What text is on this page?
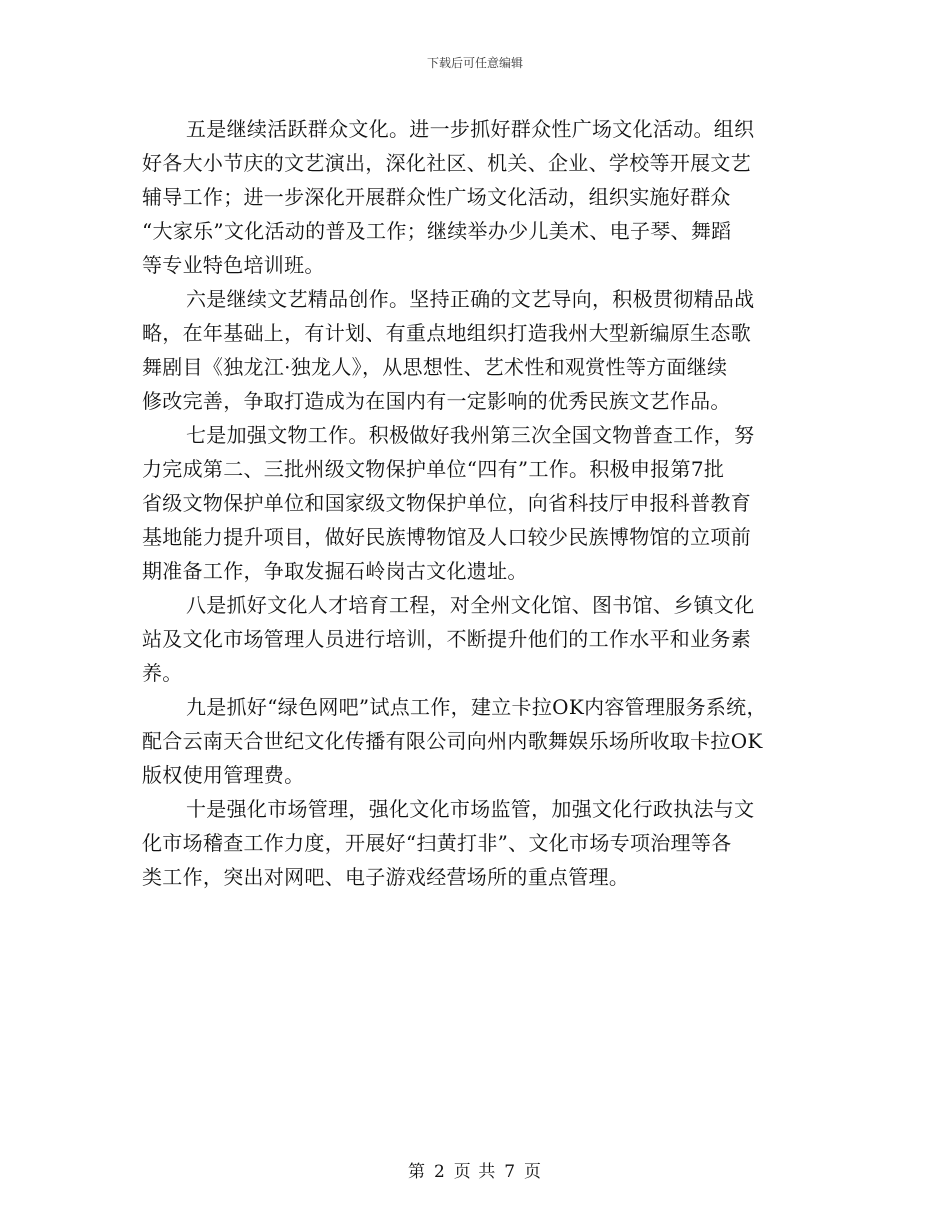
下载后可任意编辑
五是继续活跃群众文化。进一步抓好群众性广场文化活动。组织
好各大小节庆的文艺演出，深化社区、机关、企业、学校等开展文艺
辅导工作；进一步深化开展群众性广场文化活动，组织实施好群众
“大家乐”文化活动的普及工作；继续举办少儿美术、电子琴、舞蹈
等专业特色培训班。
六是继续文艺精品创作。坚持正确的文艺导向，积极贯彻精品战
略，在年基础上，有计划、有重点地组织打造我州大型新编原生态歌
舞剧目《独龙江·独龙人》，从思想性、艺术性和观赏性等方面继续
修改完善，争取打造成为在国内有一定影响的优秀民族文艺作品。
七是加强文物工作。积极做好我州第三次全国文物普查工作，努
力完成第二、三批州级文物保护单位“四有”工作。积极申报第7批
省级文物保护单位和国家级文物保护单位，向省科技厅申报科普教育
基地能力提升项目，做好民族博物馆及人口较少民族博物馆的立项前
期准备工作，争取发掘石岭岗古文化遗址。
八是抓好文化人才培育工程，对全州文化馆、图书馆、乡镇文化
站及文化市场管理人员进行培训，不断提升他们的工作水平和业务素
养。
九是抓好“绿色网吧”试点工作，建立卡拉OK内容管理服务系统，
配合云南天合世纪文化传播有限公司向州内歌舞娱乐场所收取卡拉OK
版权使用管理费。
十是强化市场管理，强化文化市场监管，加强文化行政执法与文
化市场稽查工作力度，开展好“扫黄打非”、文化市场专项治理等各
类工作，突出对网吧、电子游戏经营场所的重点管理。
第 2 页 共 7 页
